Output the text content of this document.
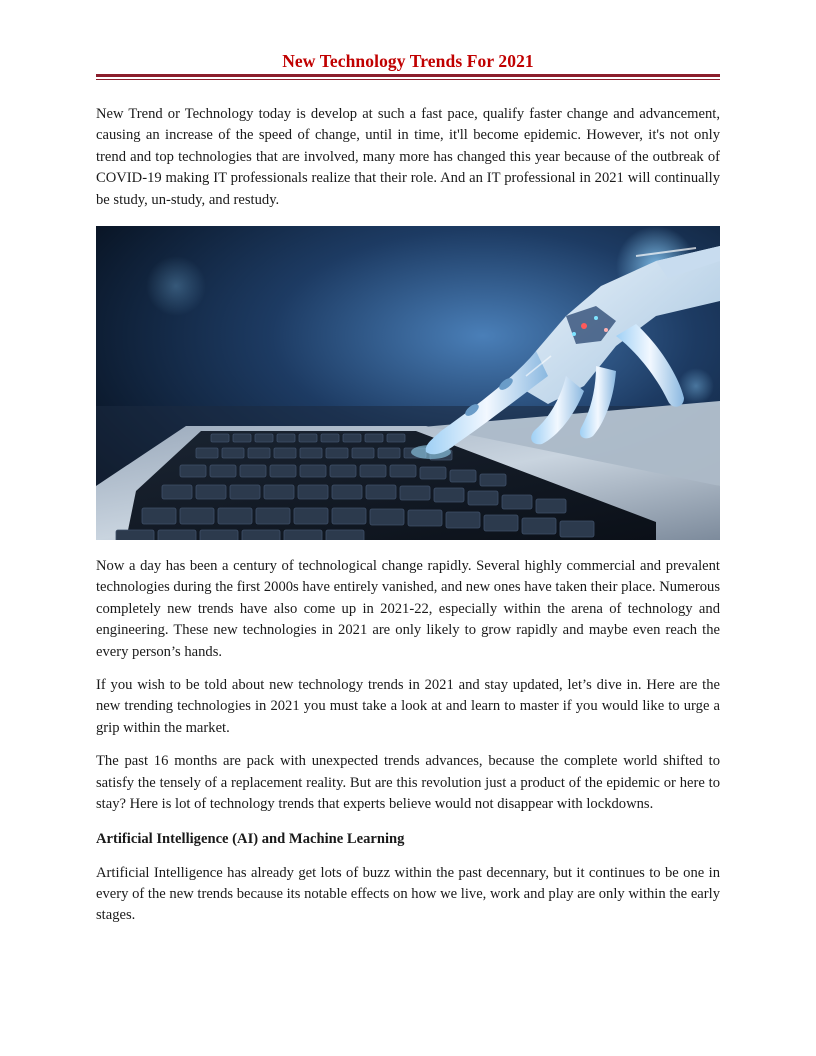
New Technology Trends For 2021

New Trend or Technology today is develop at such a fast pace, qualify faster change and advancement, causing an increase of the speed of change, until in time, it'll become epidemic. However, it's not only trend and top technologies that are involved, many more has changed this year because of the outbreak of COVID-19 making IT professionals realize that their role. And an IT professional in 2021 will continually be study, un-study, and restudy.

Now a day has been a century of technological change rapidly. Several highly commercial and prevalent technologies during the first 2000s have entirely vanished, and new ones have taken their place. Numerous completely new trends have also come up in 2021-22, especially within the arena of technology and engineering. These new technologies in 2021 are only likely to grow rapidly and maybe even reach the every person’s hands.

If you wish to be told about new technology trends in 2021 and stay updated, let’s dive in. Here are the new trending technologies in 2021 you must take a look at and learn to master if you would like to urge a grip within the market.

The past 16 months are pack with unexpected trends advances, because the complete world shifted to satisfy the tensely of a replacement reality. But are this revolution just a product of the epidemic or here to stay? Here is lot of technology trends that experts believe would not disappear with lockdowns.

Artificial Intelligence (AI) and Machine Learning

Artificial Intelligence has already get lots of buzz within the past decennary, but it continues to be one in every of the new trends because its notable effects on how we live, work and play are only within the early stages.
